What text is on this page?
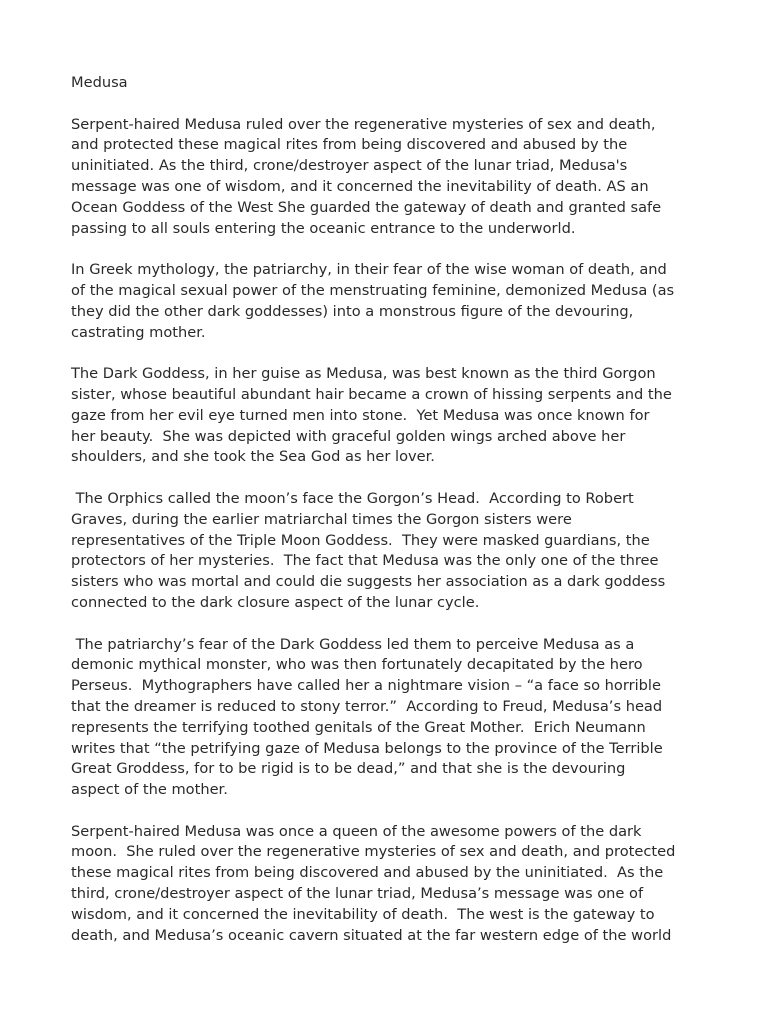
Medusa
Serpent-haired Medusa ruled over the regenerative mysteries of sex and death,
and protected these magical rites from being discovered and abused by the
uninitiated. As the third, crone/destroyer aspect of the lunar triad, Medusa's
message was one of wisdom, and it concerned the inevitability of death. AS an
Ocean Goddess of the West She guarded the gateway of death and granted safe
passing to all souls entering the oceanic entrance to the underworld.
In Greek mythology, the patriarchy, in their fear of the wise woman of death, and
of the magical sexual power of the menstruating feminine, demonized Medusa (as
they did the other dark goddesses) into a monstrous figure of the devouring,
castrating mother.
The Dark Goddess, in her guise as Medusa, was best known as the third Gorgon
sister, whose beautiful abundant hair became a crown of hissing serpents and the
gaze from her evil eye turned men into stone.  Yet Medusa was once known for
her beauty.  She was depicted with graceful golden wings arched above her
shoulders, and she took the Sea God as her lover.
The Orphics called the moon’s face the Gorgon’s Head.  According to Robert
Graves, during the earlier matriarchal times the Gorgon sisters were
representatives of the Triple Moon Goddess.  They were masked guardians, the
protectors of her mysteries.  The fact that Medusa was the only one of the three
sisters who was mortal and could die suggests her association as a dark goddess
connected to the dark closure aspect of the lunar cycle.
The patriarchy’s fear of the Dark Goddess led them to perceive Medusa as a
demonic mythical monster, who was then fortunately decapitated by the hero
Perseus.  Mythographers have called her a nightmare vision – “a face so horrible
that the dreamer is reduced to stony terror.”  According to Freud, Medusa’s head
represents the terrifying toothed genitals of the Great Mother.  Erich Neumann
writes that “the petrifying gaze of Medusa belongs to the province of the Terrible
Great Groddess, for to be rigid is to be dead,” and that she is the devouring
aspect of the mother.
Serpent-haired Medusa was once a queen of the awesome powers of the dark
moon.  She ruled over the regenerative mysteries of sex and death, and protected
these magical rites from being discovered and abused by the uninitiated.  As the
third, crone/destroyer aspect of the lunar triad, Medusa’s message was one of
wisdom, and it concerned the inevitability of death.  The west is the gateway to
death, and Medusa’s oceanic cavern situated at the far western edge of the world
